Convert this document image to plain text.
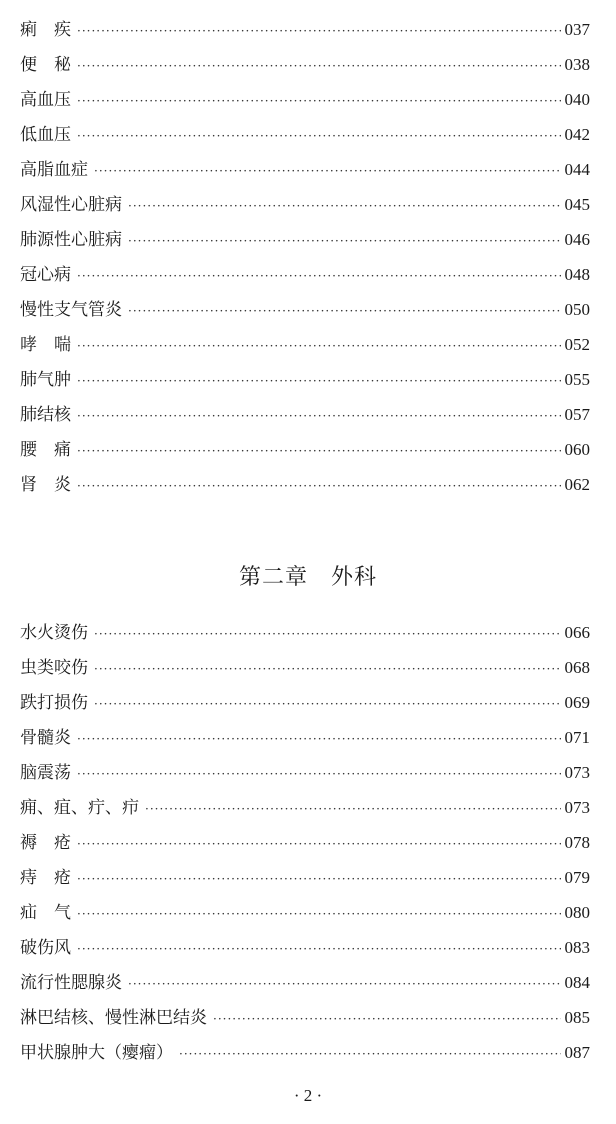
痢　疾 ·····	037
便　秘 ·····	038
高血压 ·····	040
低血压 ·····	042
高脂血症 ·····	044
风湿性心脏病 ·····	045
肺源性心脏病 ·····	046
冠心病 ·····	048
慢性支气管炎 ·····	050
哮　喘 ·····	052
肺气肿 ·····	055
肺结核 ·····	057
腰　痛 ·····	060
肾　炎 ·····	062
第二章　外科
水火烫伤 ·····	066
虫类咬伤 ·····	068
跌打损伤 ·····	069
骨髓炎 ·····	071
脑震荡 ·····	073
痈、疽、疔、疖 ·····	073
褥　疮 ·····	078
痔　疮 ·····	079
疝　气 ·····	080
破伤风 ·····	083
流行性腮腺炎 ·····	084
淋巴结核、慢性淋巴结炎 ·····	085
甲状腺肿大（瘿瘤） ·····	087
· 2 ·
